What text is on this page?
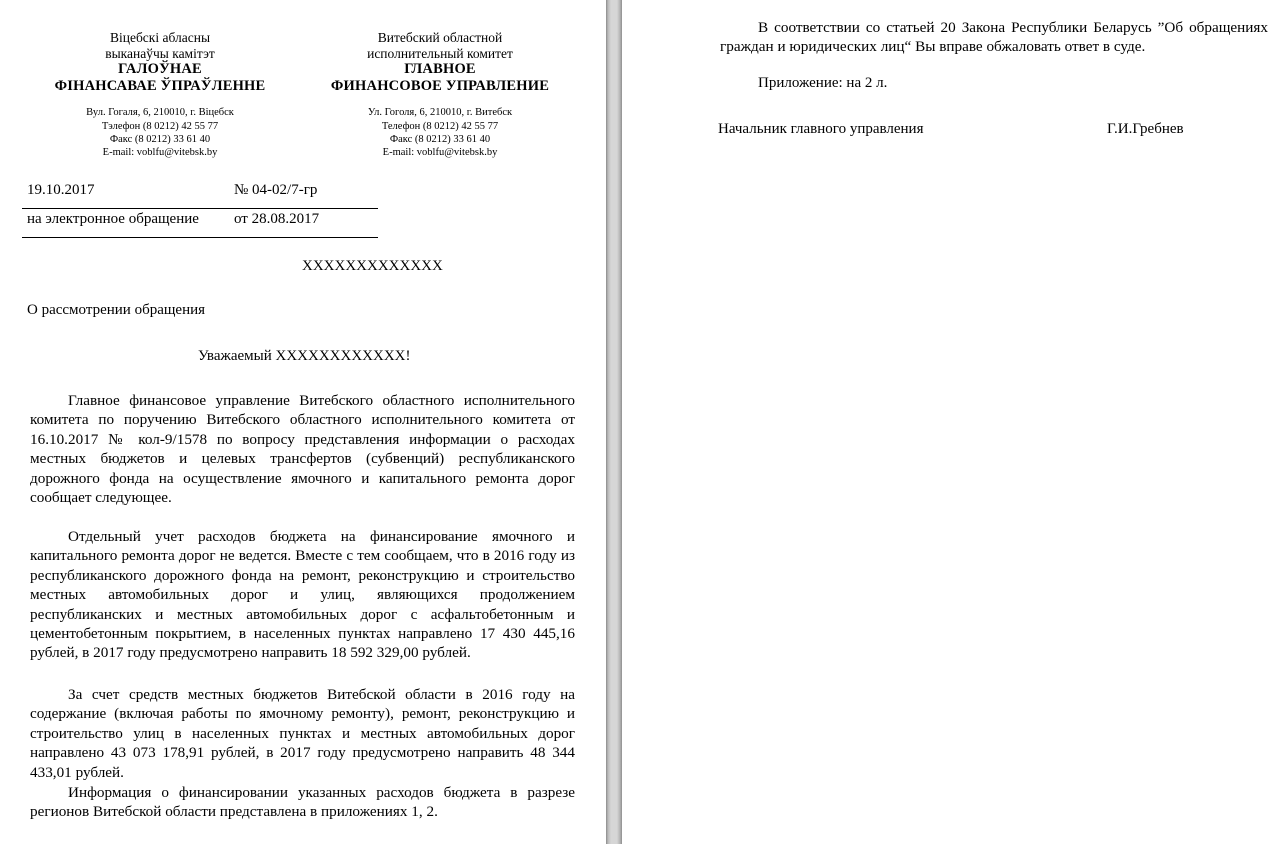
Віцебскі абласны
выканаўчы камітэт
ГАЛОЎНАЕ
ФІНАНСАВАЕ ЎПРАЎЛЕННЕ
Вул. Гогаля, 6, 210010, г. Віцебск
Тэлефон (8 0212) 42 55 77
Факс (8 0212) 33 61 40
E-mail: voblfu@vitebsk.by
Витебский областной
исполнительный комитет
ГЛАВНОЕ
ФИНАНСОВОЕ УПРАВЛЕНИЕ
Ул. Гоголя, 6, 210010, г. Витебск
Телефон (8 0212) 42 55 77
Факс (8 0212) 33 61 40
E-mail: voblfu@vitebsk.by
19.10.2017	№ 04-02/7-гр
на электронное обращение от 28.08.2017
ХХХХХХХХХХХХХ
О рассмотрении обращения
Уважаемый ХХХХХХХХХХХХ!

Главное финансовое управление Витебского областного исполнительного комитета по поручению Витебского областного исполнительного комитета от 16.10.2017 № кол-9/1578 по вопросу представления информации о расходах местных бюджетов и целевых трансфертов (субвенций) республиканского дорожного фонда на осуществление ямочного и капитального ремонта дорог сообщает следующее.

Отдельный учет расходов бюджета на финансирование ямочного и капитального ремонта дорог не ведется. Вместе с тем сообщаем, что в 2016 году из республиканского дорожного фонда на ремонт, реконструкцию и строительство местных автомобильных дорог и улиц, являющихся продолжением республиканских и местных автомобильных дорог с асфальтобетонным и цементобетонным покрытием, в населенных пунктах направлено 17 430 445,16 рублей, в 2017 году предусмотрено направить 18 592 329,00 рублей.

За счет средств местных бюджетов Витебской области в 2016 году на содержание (включая работы по ямочному ремонту), ремонт, реконструкцию и строительство улиц в населенных пунктах и местных автомобильных дорог направлено 43 073 178,91 рублей, в 2017 году предусмотрено направить 48 344 433,01 рублей.

Информация о финансировании указанных расходов бюджета в разрезе регионов Витебской области представлена в приложениях 1, 2.

В соответствии со статьей 20 Закона Республики Беларусь ”Об обращениях граждан и юридических лиц“ Вы вправе обжаловать ответ в суде.

Приложение: на 2 л.
Начальник главного управления	Г.И.Гребнев
